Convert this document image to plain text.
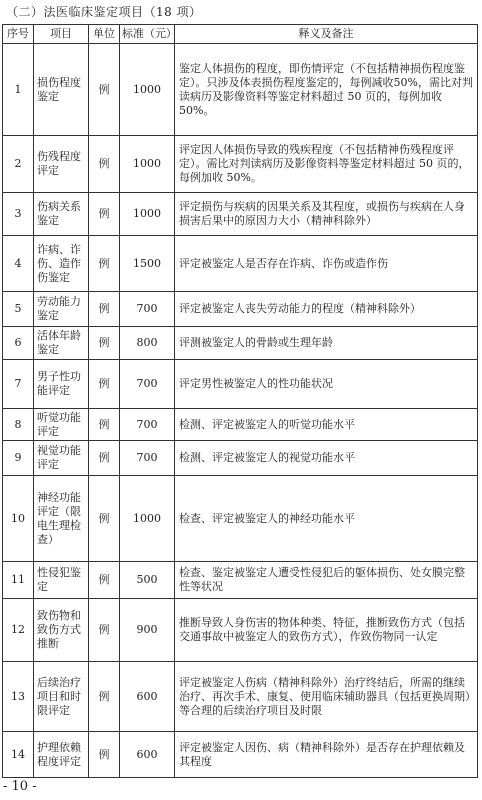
（二）法医临床鉴定项目（18 项）
序号	项目	单位	标准（元）	释义及备注
1	损伤程度鉴定	例	1000	鉴定人体损伤的程度，即伤情评定（不包括精神损伤程度鉴定）。只涉及体表损伤程度鉴定的，每例减收50%，需比对判读病历及影像资料等鉴定材料超过 50 页的，每例加收 50%。
2	伤残程度评定	例	1000	评定因人体损伤导致的残疾程度（不包括精神伤残程度评定）。需比对判读病历及影像资料等鉴定材料超过 50 页的，每例加收 50%。
3	伤病关系鉴定	例	1000	评定损伤与疾病的因果关系及其程度，或损伤与疾病在人身损害后果中的原因力大小（精神科除外）
4	诈病、诈伤、造作伤鉴定	例	1500	评定被鉴定人是否存在诈病、诈伤或造作伤
5	劳动能力鉴定	例	700	评定被鉴定人丧失劳动能力的程度（精神科除外）
6	活体年龄鉴定	例	800	评测被鉴定人的骨龄或生理年龄
7	男子性功能评定	例	700	评定男性被鉴定人的性功能状况
8	听觉功能评定	例	700	检测、评定被鉴定人的听觉功能水平
9	视觉功能评定	例	700	检测、评定被鉴定人的视觉功能水平
10	神经功能评定（限电生理检查）	例	1000	检查、评定被鉴定人的神经功能水平
11	性侵犯鉴定	例	500	检查、鉴定被鉴定人遭受性侵犯后的躯体损伤、处女膜完整性等状况
12	致伤物和致伤方式推断	例	900	推断导致人身伤害的物体种类、特征，推断致伤方式（包括交通事故中被鉴定人的致伤方式），作致伤物同一认定
13	后续治疗项目和时限评定	例	600	评定被鉴定人伤病（精神科除外）治疗终结后，所需的继续治疗、再次手术、康复、使用临床辅助器具（包括更换周期）等合理的后续治疗项目及时限
14	护理依赖程度评定	例	600	评定被鉴定人因伤、病（精神科除外）是否存在护理依赖及其程度
- 10 -
